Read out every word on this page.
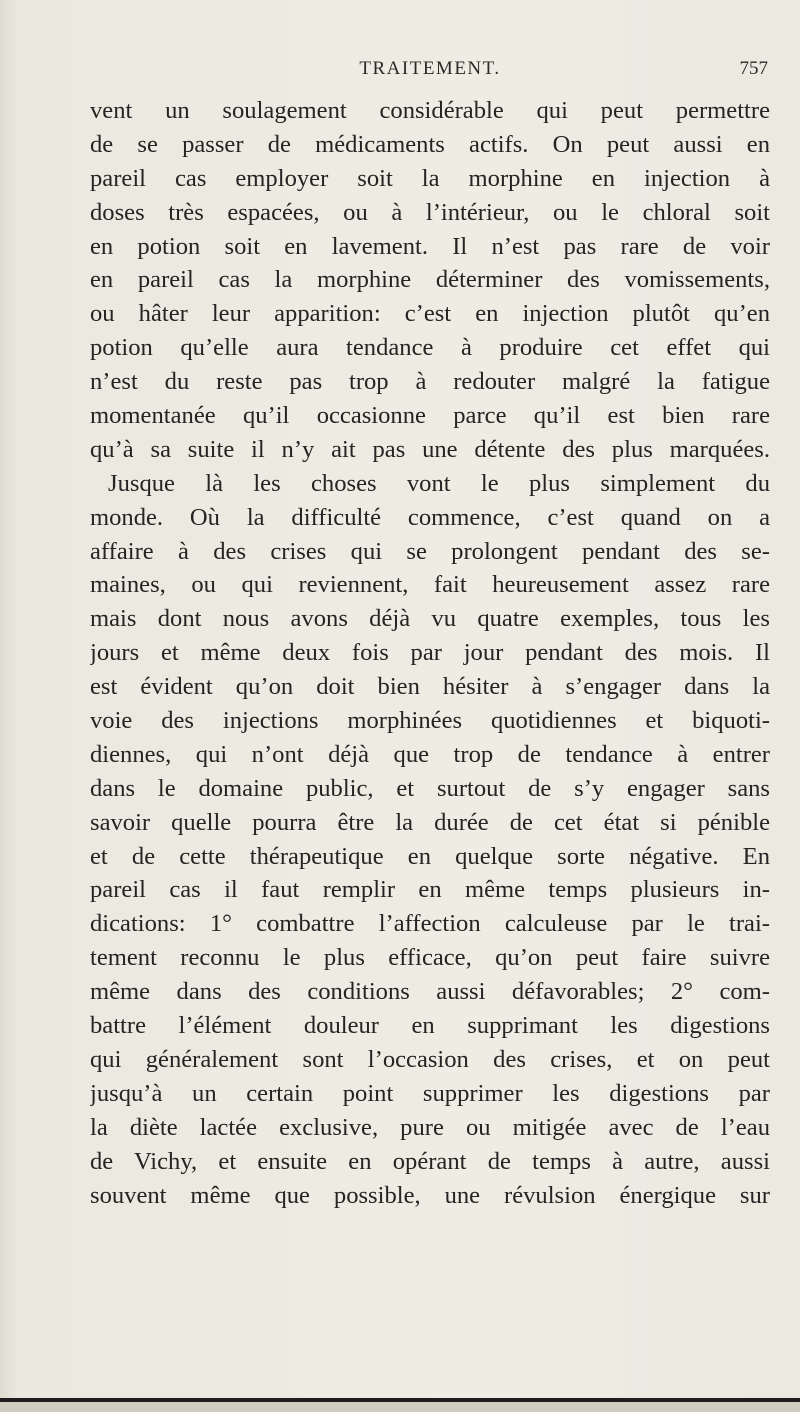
TRAITEMENT.	757
vent un soulagement considérable qui peut permettre
de se passer de médicaments actifs. On peut aussi en
pareil cas employer soit la morphine en injection à
doses très espacées, ou à l’intérieur, ou le chloral soit
en potion soit en lavement. Il n’est pas rare de voir
en pareil cas la morphine déterminer des vomissements,
ou hâter leur apparition: c’est en injection plutôt qu’en
potion qu’elle aura tendance à produire cet effet qui
n’est du reste pas trop à redouter malgré la fatigue
momentanée qu’il occasionne parce qu’il est bien rare
qu’à sa suite il n’y ait pas une détente des plus marquées.
Jusque là les choses vont le plus simplement du
monde. Où la difficulté commence, c’est quand on a
affaire à des crises qui se prolongent pendant des se-
maines, ou qui reviennent, fait heureusement assez rare
mais dont nous avons déjà vu quatre exemples, tous les
jours et même deux fois par jour pendant des mois. Il
est évident qu’on doit bien hésiter à s’engager dans la
voie des injections morphinées quotidiennes et biquoti-
diennes, qui n’ont déjà que trop de tendance à entrer
dans le domaine public, et surtout de s’y engager sans
savoir quelle pourra être la durée de cet état si pénible
et de cette thérapeutique en quelque sorte négative. En
pareil cas il faut remplir en même temps plusieurs in-
dications: 1° combattre l’affection calculeuse par le trai-
tement reconnu le plus efficace, qu’on peut faire suivre
même dans des conditions aussi défavorables; 2° com-
battre l’élément douleur en supprimant les digestions
qui généralement sont l’occasion des crises, et on peut
jusqu’à un certain point supprimer les digestions par
la diète lactée exclusive, pure ou mitigée avec de l’eau
de Vichy, et ensuite en opérant de temps à autre, aussi
souvent même que possible, une révulsion énergique sur
